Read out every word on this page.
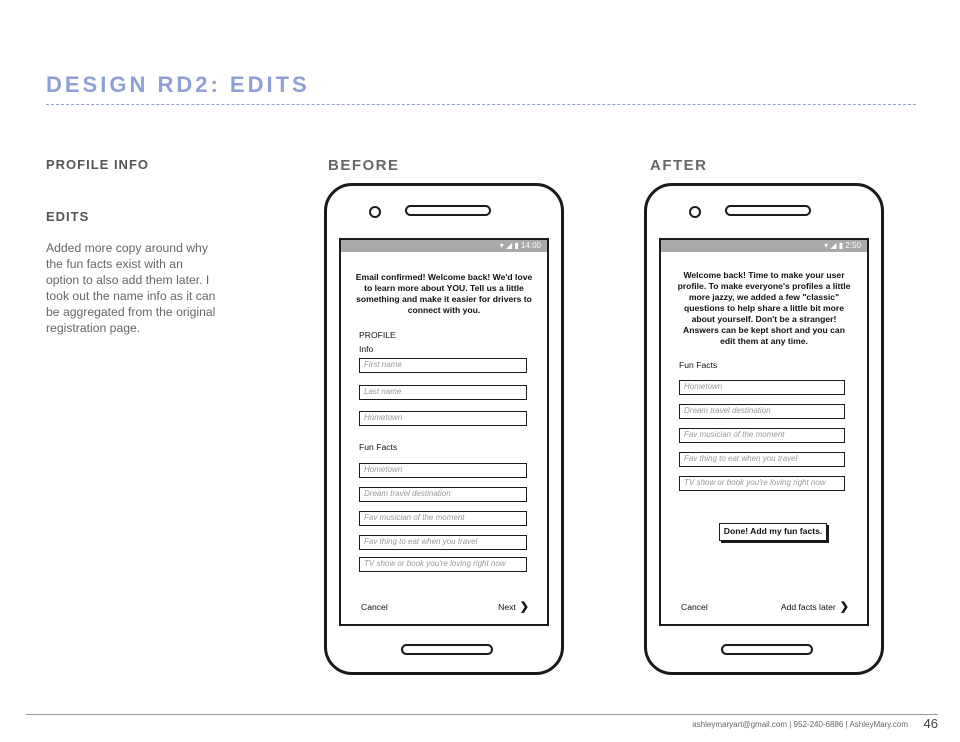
DESIGN RD2: EDITS
PROFILE INFO
EDITS

Added more copy around why the fun facts exist with an option to also add them later. I took out the name info as it can be aggregated from the original registration page.

BEFORE	AFTER
▾ ◢ ▮ 14:00

Email confirmed! Welcome back! We'd love to learn more about YOU. Tell us a little something and make it easier for drivers to connect with you.

PROFILE

Info

First name
Last name
Hometown

Fun Facts

Hometown
Dream travel destination
Fav musician of the moment
Fav thing to eat when you travel
TV show or book you're loving right now
Cancel	Next ❯
▾ ◢ ▮ 2:50

Welcome back! Time to make your user profile. To make everyone's profiles a little more jazzy, we added a few "classic" questions to help share a little bit more about yourself. Don't be a stranger! Answers can be kept short and you can edit them at any time.

Fun Facts

Hometown
Dream travel destination
Fav musician of the moment
Fav thing to eat when you travel
TV show or book you're loving right now
Done! Add my fun facts.
Cancel	Add facts later ❯

ashleymaryart@gmail.com | 952-240-6886 | AshleyMary.com 46
